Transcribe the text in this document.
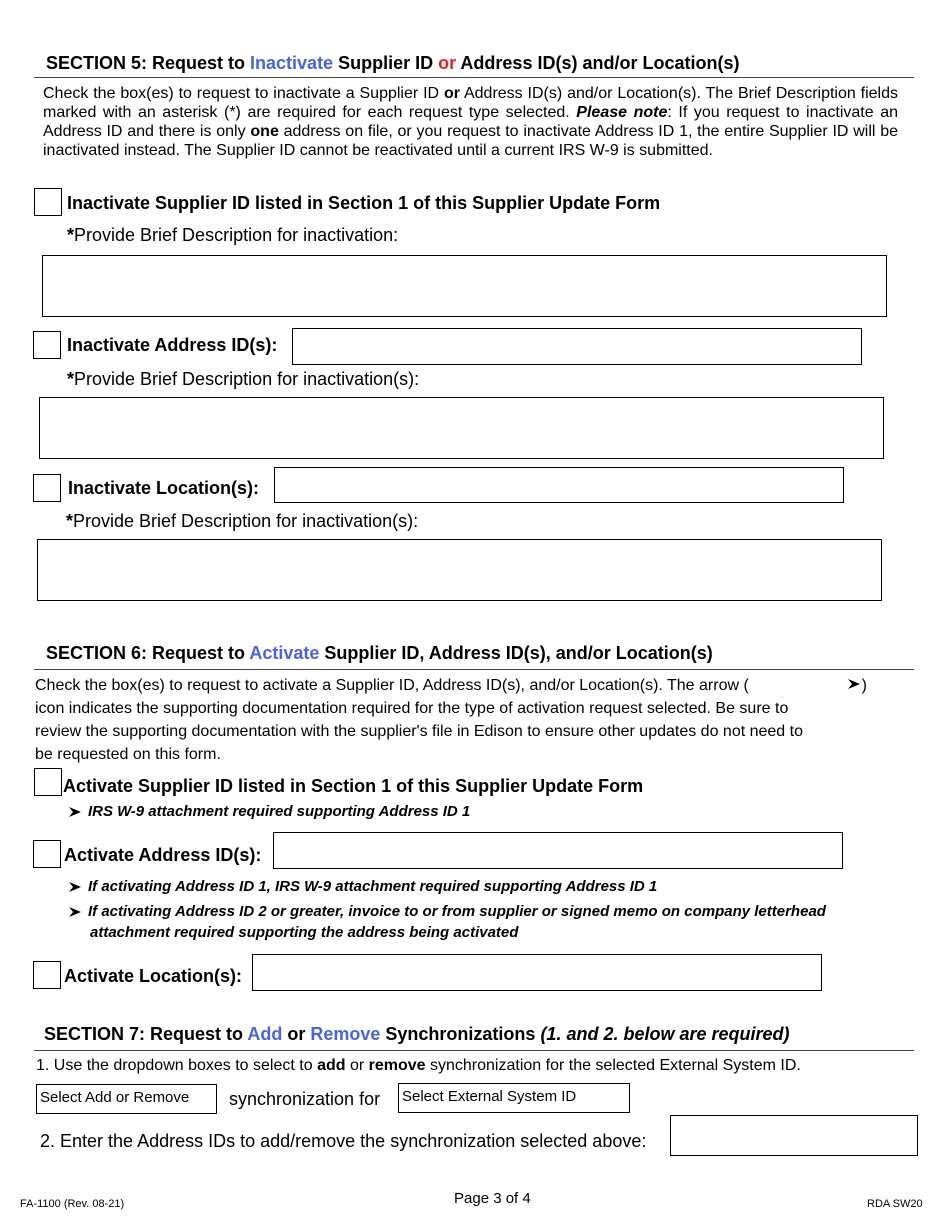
SECTION 5: Request to Inactivate Supplier ID or Address ID(s) and/or Location(s)
Check the box(es) to request to inactivate a Supplier ID or Address ID(s) and/or Location(s). The Brief Description fields marked with an asterisk (*) are required for each request type selected. Please note: If you request to inactivate an Address ID and there is only one address on file, or you request to inactivate Address ID 1, the entire Supplier ID will be inactivated instead. The Supplier ID cannot be reactivated until a current IRS W-9 is submitted.
Inactivate Supplier ID listed in Section 1 of this Supplier Update Form
*Provide Brief Description for inactivation:
Inactivate Address ID(s):
*Provide Brief Description for inactivation(s):
Inactivate Location(s):
*Provide Brief Description for inactivation(s):
SECTION 6: Request to Activate Supplier ID, Address ID(s), and/or Location(s)
Check the box(es) to request to activate a Supplier ID, Address ID(s), and/or Location(s). The arrow (	)
icon indicates the supporting documentation required for the type of activation request selected. Be sure to
review the supporting documentation with the supplier's file in Edison to ensure other updates do not need to
be requested on this form.
Activate Supplier ID listed in Section 1 of this Supplier Update Form
IRS W-9 attachment required supporting Address ID 1
Activate Address ID(s):
If activating Address ID 1, IRS W-9 attachment required supporting Address ID 1
If activating Address ID 2 or greater, invoice to or from supplier or signed memo on company letterhead
attachment required supporting the address being activated
Activate Location(s):
SECTION 7: Request to Add or Remove Synchronizations (1. and 2. below are required)
1. Use the dropdown boxes to select to add or remove synchronization for the selected External System ID.
Select Add or Remove	synchronization for Select External System ID
2. Enter the Address IDs to add/remove the synchronization selected above:
FA-1100 (Rev. 08-21)	Page 3 of 4	RDA SW20
